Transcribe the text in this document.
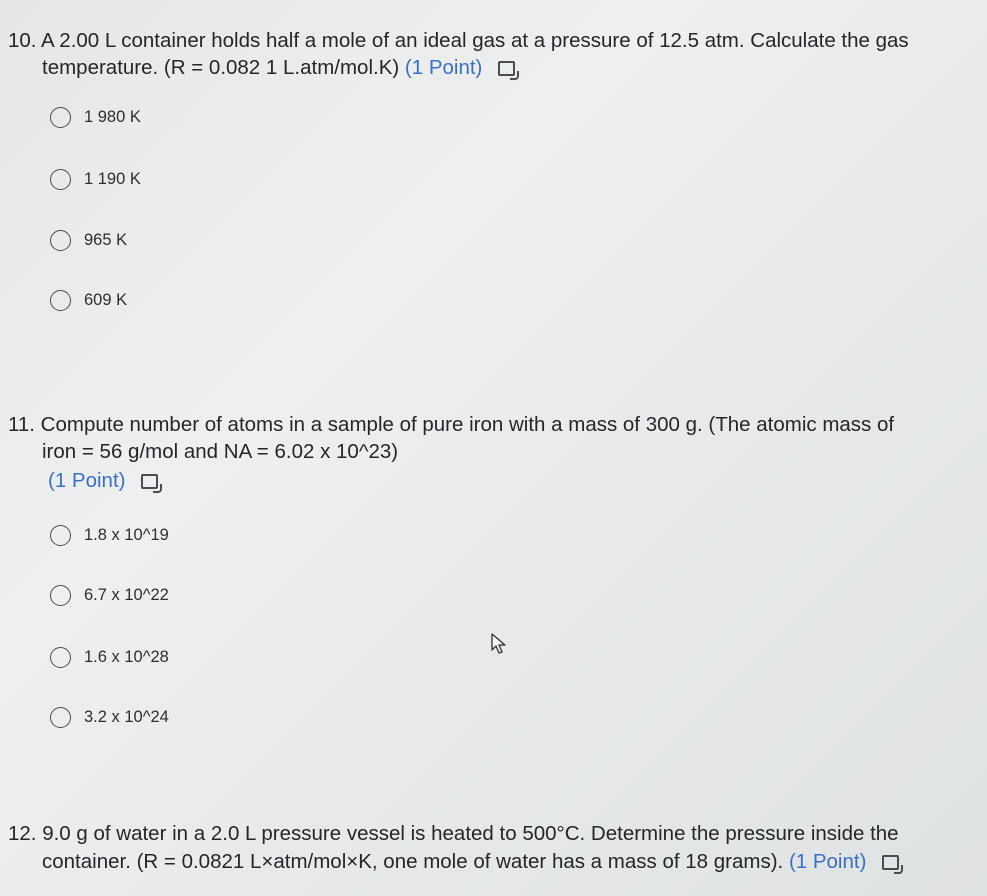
10. A 2.00 L container holds half a mole of an ideal gas at a pressure of 12.5 atm. Calculate the gas
temperature. (R = 0.082 1 L.atm/mol.K) (1 Point)
1 980 K
1 190 K
965 K
609 K
11. Compute number of atoms in a sample of pure iron with a mass of 300 g. (The atomic mass of
iron = 56 g/mol and NA = 6.02 x 10^23)
(1 Point)
1.8 x 10^19
6.7 x 10^22
1.6 x 10^28
3.2 x 10^24
12. 9.0 g of water in a 2.0 L pressure vessel is heated to 500°C. Determine the pressure inside the
container. (R = 0.0821 L×atm/mol×K, one mole of water has a mass of 18 grams). (1 Point)
